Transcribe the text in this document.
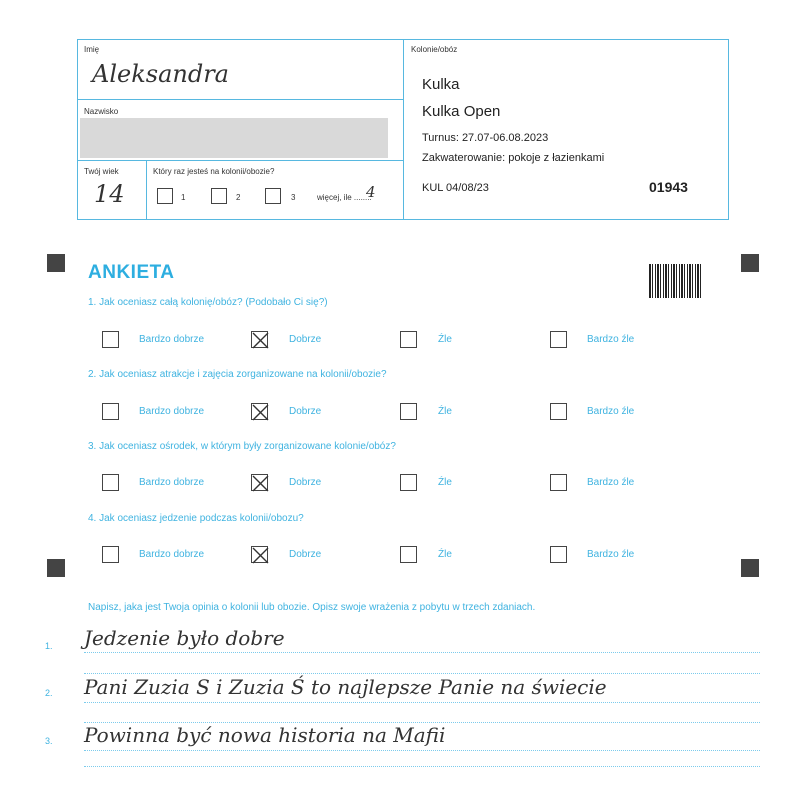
Imię
Aleksandra
Nazwisko
Twój wiek
14
Który raz jesteś na kolonii/obozie?
1	2	3	więcej, ile ........
4
Kolonie/obóz
Kulka
Kulka Open
Turnus: 27.07-06.08.2023
Zakwaterowanie: pokoje z łazienkami
KUL 04/08/23	01943
ANKIETA
1. Jak oceniasz całą kolonię/obóz? (Podobało Ci się?)
Bardzo dobrze	Dobrze	Źle	Bardzo źle
2. Jak oceniasz atrakcje i zajęcia zorganizowane na kolonii/obozie?
Bardzo dobrze	Dobrze	Źle	Bardzo źle
3. Jak oceniasz ośrodek, w którym były zorganizowane kolonie/obóz?
Bardzo dobrze	Dobrze	Źle	Bardzo źle
4. Jak oceniasz jedzenie podczas kolonii/obozu?
Bardzo dobrze	Dobrze	Źle	Bardzo źle
Napisz, jaka jest Twoja opinia o kolonii lub obozie. Opisz swoje wrażenia z pobytu w trzech zdaniach.
1. Jedzenie było dobre
2. Pani Zuzia S i Zuzia Ś to najlepsze Panie na świecie
3. Powinna być nowa historia na Mafii
